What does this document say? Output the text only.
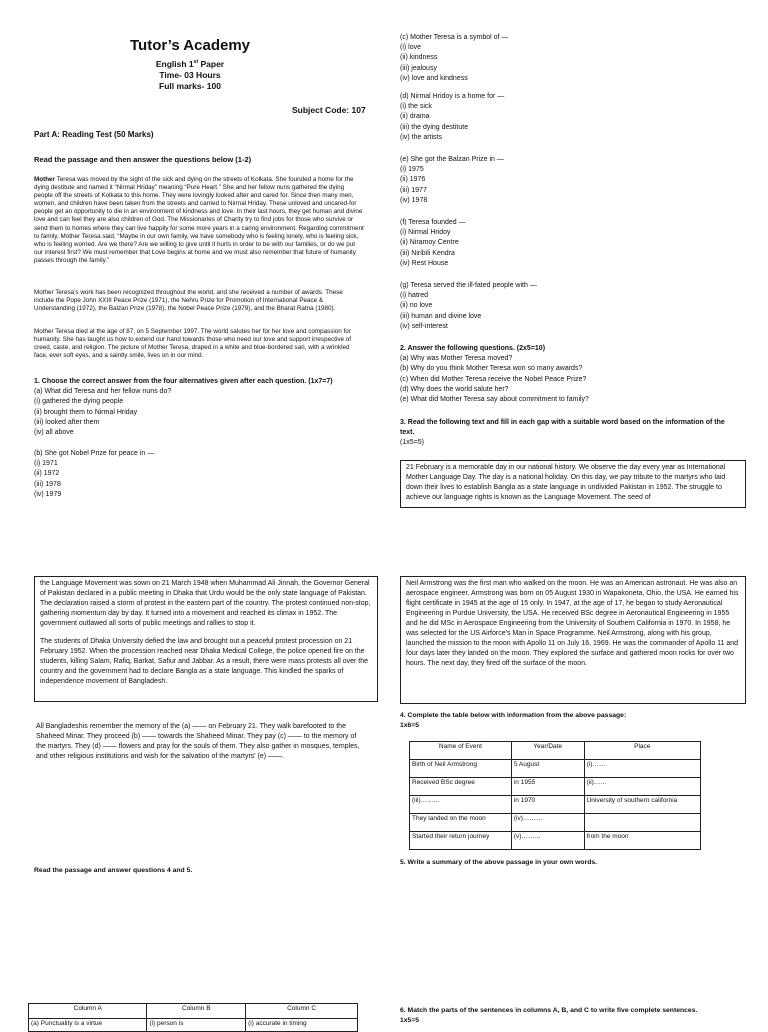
Tutor’s Academy
English 1st Paper
Time- 03 Hours
Full marks- 100
Subject Code: 107
Part A: Reading Test (50 Marks)
Read the passage and then answer the questions below (1-2)
Mother Teresa was moved by the sight of the sick and dying on the streets of Kolkata. She founded a home for the dying destitute and named it “Nirmal Hriday” meaning “Pure Heart.” She and her fellow nuns gathered the dying people off the streets of Kolkata to this home. They were lovingly looked after and cared for. Since then many men, women, and children have been taken from the streets and carried to Nirmal Hriday. These unloved and uncared-for people get an opportunity to die in an environment of kindness and love. In their last hours, they get human and divine love and can feel they are also children of God. The Missionaries of Charity try to find jobs for those who survive or send them to homes where they can live happily for some more years in a caring environment. Regarding commitment to family, Mother Teresa said, “Maybe in our own family, we have somebody who is feeling lonely, who is feeling sick, who is feeling worried. Are we there? Are we willing to give until it hurts in order to be with our families, or do we put our interest first? We must remember that Love begins at home and we must also remember that future of humanity passes through the family.”
Mother Teresa’s work has been recognized throughout the world, and she received a number of awards. These include the Pope John XXIII Peace Prize (1971), the Nehru Prize for Promotion of International Peace & Understanding (1972), the Balzan Prize (1978), the Nobel Peace Prize (1979), and the Bharat Ratna (1980).
Mother Teresa died at the age of 87, on 5 September 1997. The world salutes her for her love and compassion for humanity. She has taught us how to extend our hand towards those who need our love and support irrespective of creed, caste, and religion. The picture of Mother Teresa, draped in a white and blue-bordered sari, with a wrinkled face, ever soft eyes, and a saintly smile, lives on in our mind.
1. Choose the correct answer from the four alternatives given after each question. (1x7=7)
(a) What did Teresa and her fellow nuns do?
(i) gathered the dying people
(ii) brought them to Nirmal Hriday
(iii) looked after them
(iv) all above
(b) She got Nobel Prize for peace in —
(i) 1971
(ii) 1972
(iii) 1978
(iv) 1979
(c) Mother Teresa is a symbol of —
(i) love
(ii) kindness
(iii) jealousy
(iv) love and kindness
(d) Nirmal Hridoy is a home for —
(i) the sick
(ii) drama
(iii) the dying destitute
(iv) the artists
(e) She got the Balzan Prize in —
(i) 1975
(ii) 1976
(iii) 1977
(iv) 1978
(f) Teresa founded —
(i) Nirmal Hridoy
(ii) Niramoy Centre
(iii) Niribili Kendra
(iv) Rest House
(g) Teresa served the ill-fated people with —
(i) hatred
(ii) no love
(iii) human and divine love
(iv) self-interest
2. Answer the following questions. (2x5=10)
(a) Why was Mother Teresa moved?
(b) Why do you think Mother Teresa won so many awards?
(c) When did Mother Teresa receive the Nobel Peace Prize?
(d) Why does the world salute her?
(e) What did Mother Teresa say about commitment to family?
3. Read the following text and fill in each gap with a suitable word based on the information of the text.
(1x5=5)
21 February is a memorable day in our national history. We observe the day every year as International Mother Language Day. The day is a national holiday. On this day, we pay tribute to the martyrs who laid down their lives to establish Bangla as a state language in undivided Pakistan in 1952. The struggle to achieve our language rights is known as the Language Movement. The seed of

the Language Movement was sown on 21 March 1948 when Muhammad Ali Jinnah, the Governor General of Pakistan declared in a public meeting in Dhaka that Urdu would be the only state language of Pakistan. The declaration raised a storm of protest in the eastern part of the country. The protest continued non-stop, gathering momentum day by day. It turned into a movement and reached its climax in 1952. The government outlawed all sorts of public meetings and rallies to stop it.

The students of Dhaka University defied the law and brought out a peaceful protest procession on 21 February 1952. When the procession reached near Dhaka Medical College, the police opened fire on the students, killing Salam, Rafiq, Barkat, Safiur and Jabbar. As a result, there were mass protests all over the country and the government had to declare Bangla as a state language. This kindled the sparks of independence movement of Bangladesh.

All Bangladeshis remember the memory of the (a) —— on February 21. They walk barefooted to the Shaheed Minar. They proceed (b) —— towards the Shaheed Minar. They pay (c) —— to the memory of the martyrs. They (d) —— flowers and pray for the souls of them. They also gather in mosques, temples, and other religious institutions and wish for the salvation of the martyrs' (e) ——.
Neil Armstrong was the first man who walked on the moon. He was an American astronaut. He was also an aerospace engineer. Armstrong was born on 05 August 1930 in Wapakoneta, Ohio, the USA. He earned his flight certificate in 1945 at the age of 15 only. In 1947, at the age of 17, he began to study Aeronautical Engineering in Purdue University, the USA. He received BSc degree in Aeronautical Engineering in 1955 and he did MSc in Aerospace Engineering from the University of Southern California in 1970. In 1958, he was selected for the US Airforce’s Man in Space Programme. Neil Armstrong, along with his group, launched the mission to the moon with Apollo 11 on July 16, 1969. He was the commander of Apollo 11 and four days later they landed on the moon. They explored the surface and gathered moon rocks for over two hours. The next day, they fired off the surface of the moon.
4. Complete the table below with information from the above passage:
1x6=5
Name of Event	Year/Date	Place
Birth of Neil Armstrong	5 August	(i)……
Received BSc degree	in 1955	(ii)……
(iii)………	in 1970	University of southern california
They landed on the moon	(iv)………	
Started their return journey	(v)………	from the moon
5. Write a summary of the above passage in your own words.
Read the passage and answer questions 4 and 5.
6. Match the parts of the sentences in columns A, B, and C to write five complete sentences.
1x5=5
Column A	Column B	Column C
(a) Punctuality is a virtue	(i) person is	(i) accurate in timing
